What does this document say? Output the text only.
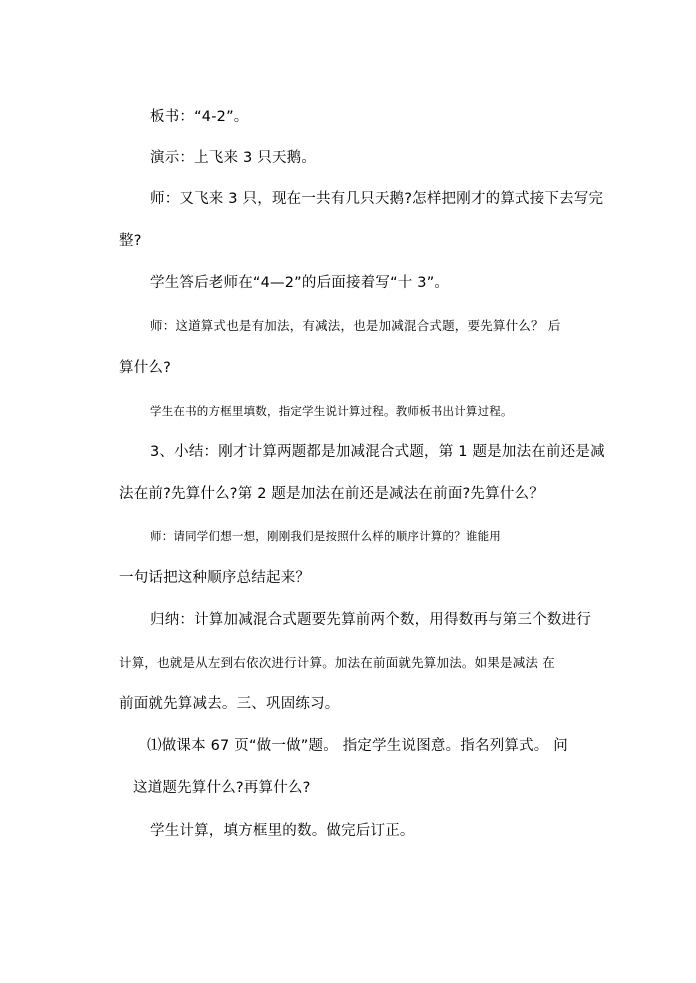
板书：“4-2”。
演示：上飞来 3 只天鹅。
师：又飞来 3 只，现在一共有几只天鹅?怎样把刚才的算式接下去写完
整?
学生答后老师在“4—2”的后面接着写“十 3”。
师：这道算式也是有加法，有减法，也是加减混合式题，要先算什么？ 后
算什么?
学生在书的方框里填数，指定学生说计算过程。教师板书出计算过程。
3、小结：刚才计算两题都是加减混合式题，第 1 题是加法在前还是减
法在前?先算什么?第 2 题是加法在前还是减法在前面?先算什么？
师：请同学们想一想，刚刚我们是按照什么样的顺序计算的？谁能用
一句话把这种顺序总结起来？
归纳：计算加减混合式题要先算前两个数，用得数再与第三个数进行
计算，也就是从左到右依次进行计算。加法在前面就先算加法。如果是减法 在
前面就先算减去。三、巩固练习。
⑴做课本 67 页“做一做”题。 指定学生说图意。指名列算式。 问
这道题先算什么?再算什么?
学生计算，填方框里的数。做完后订正。
